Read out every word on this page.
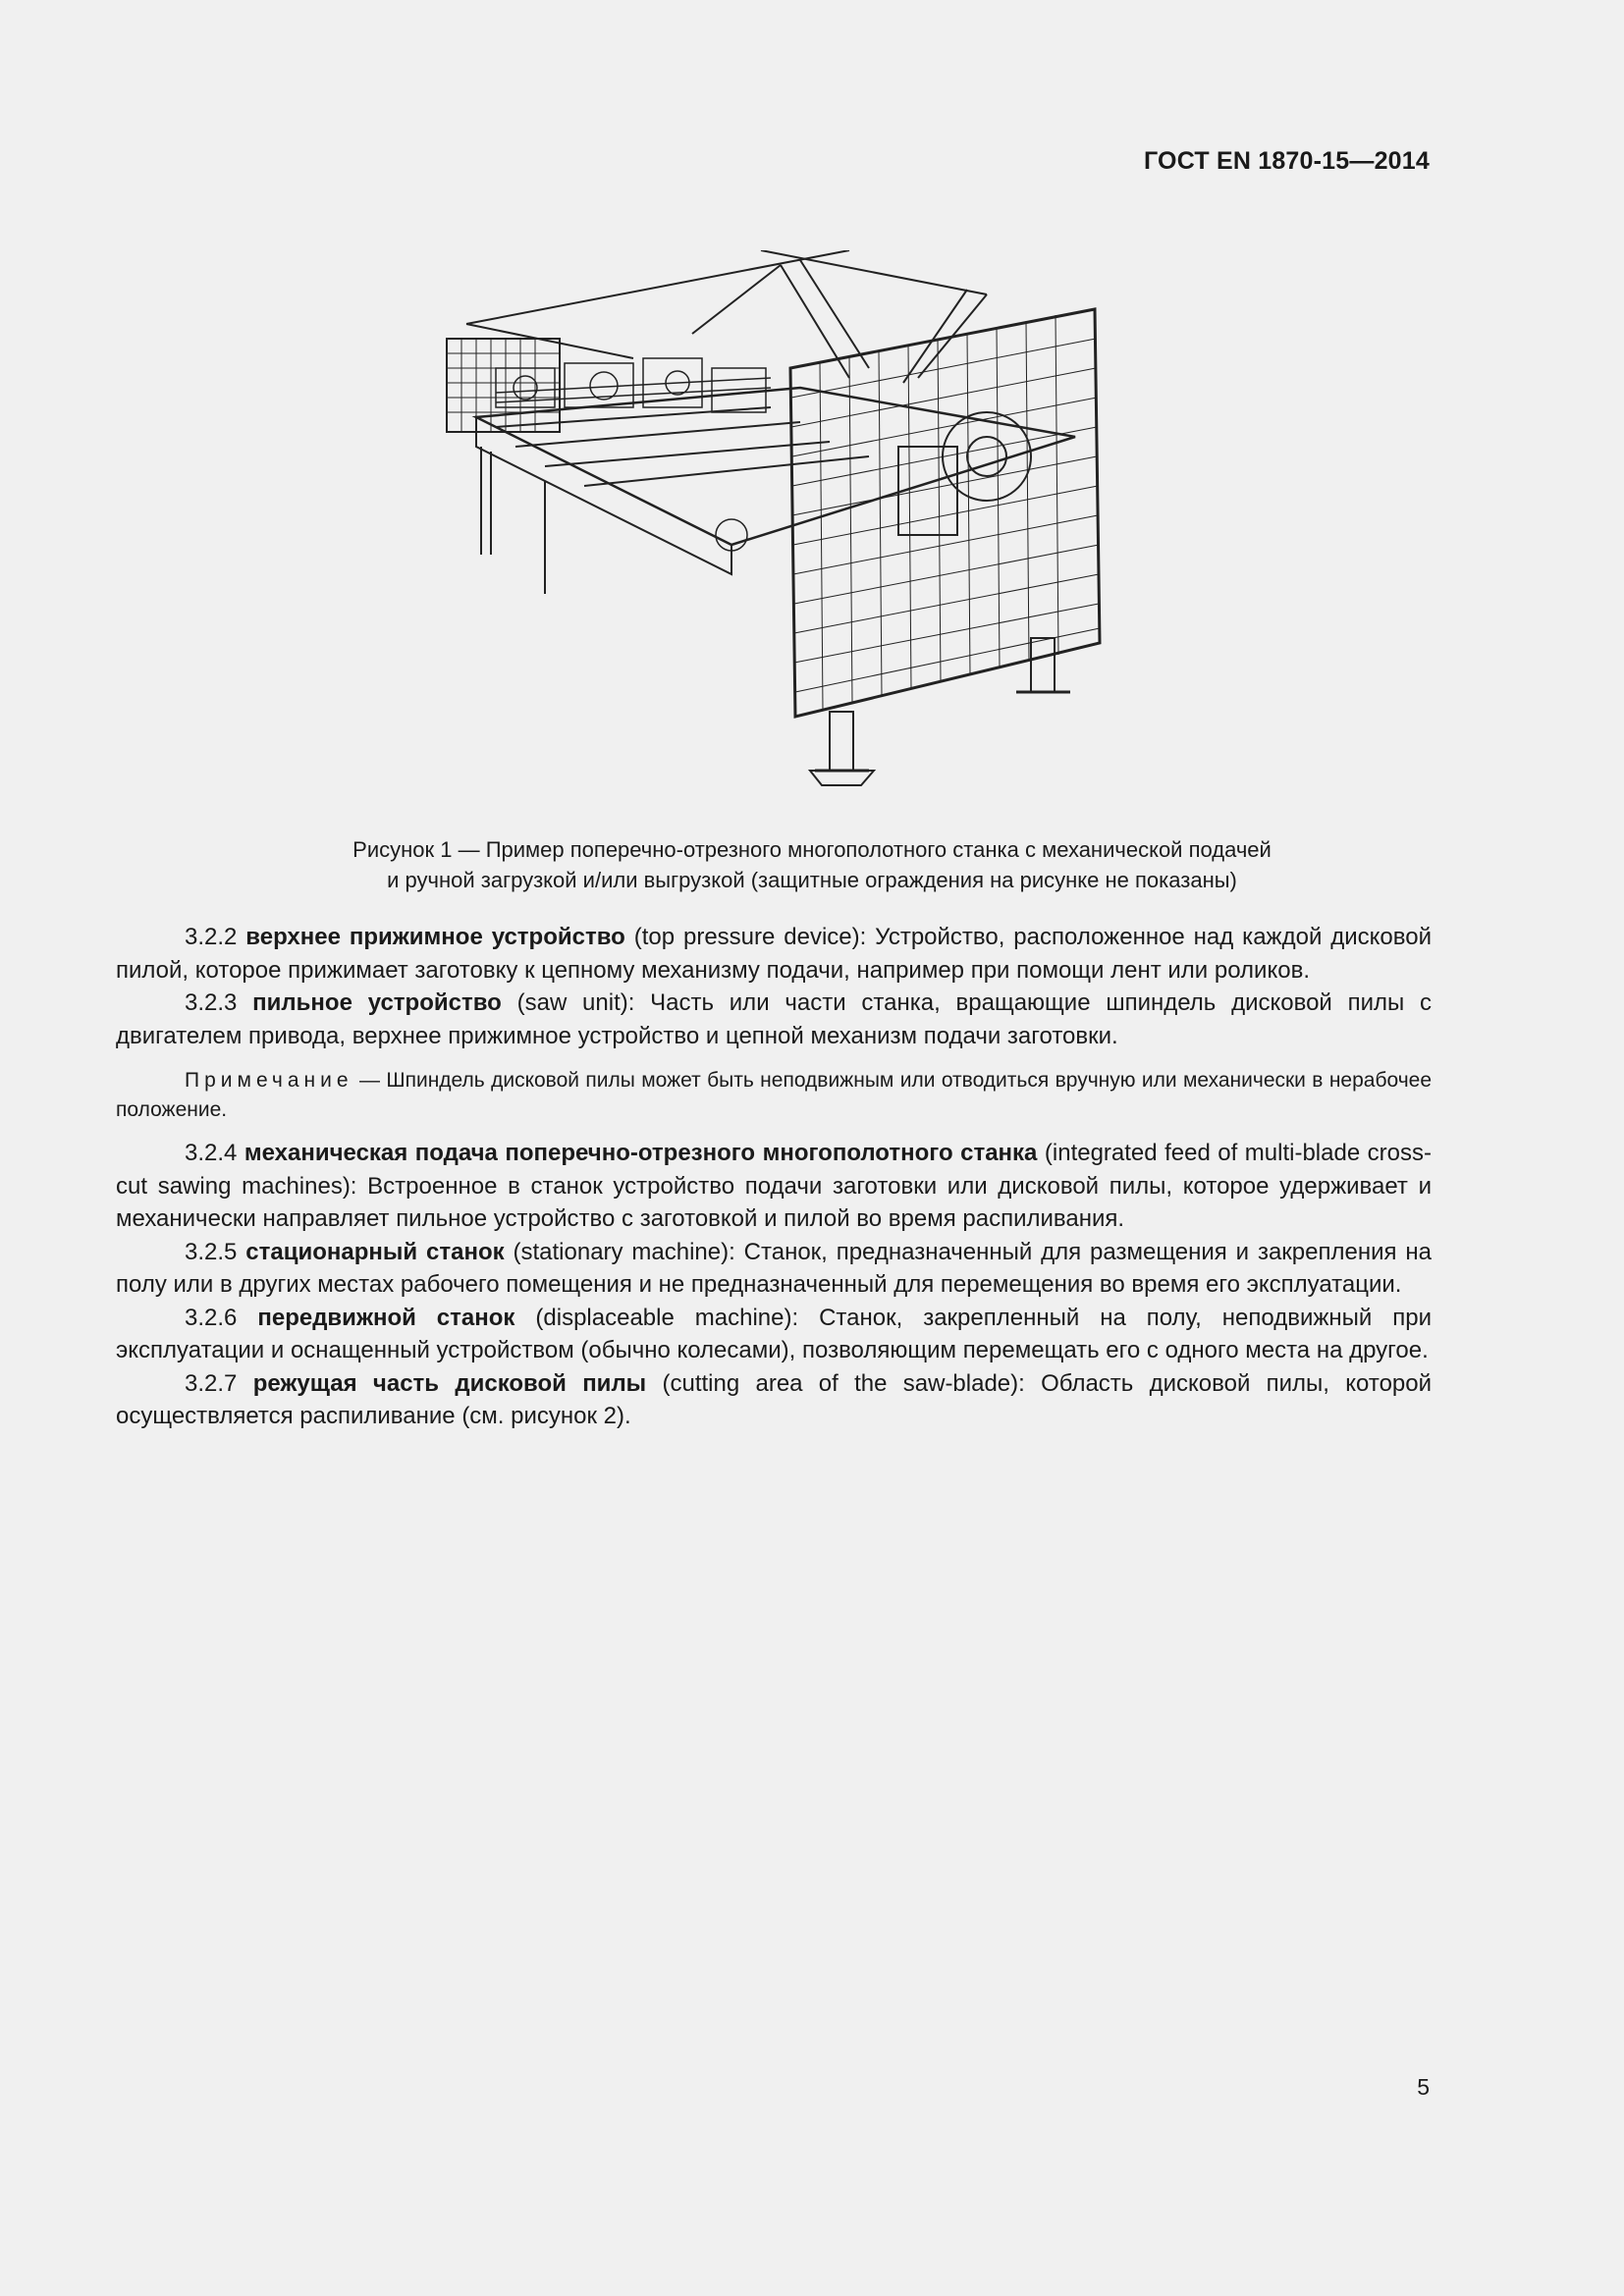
ГОСТ EN 1870-15—2014
Рисунок 1 — Пример поперечно-отрезного многополотного станка с механической подачей
и ручной загрузкой и/или выгрузкой (защитные ограждения на рисунке не показаны)

3.2.2 верхнее прижимное устройство (top pressure device): Устройство, расположенное над каждой дисковой пилой, которое прижимает заготовку к цепному механизму подачи, например при помощи лент или роликов.

3.2.3 пильное устройство (saw unit): Часть или части станка, вращающие шпиндель дисковой пилы с двигателем привода, верхнее прижимное устройство и цепной механизм подачи заготовки.

Примечание — Шпиндель дисковой пилы может быть неподвижным или отводиться вручную или механически в нерабочее положение.

3.2.4 механическая подача поперечно-отрезного многополотного станка (integrated feed of multi-blade cross-cut sawing machines): Встроенное в станок устройство подачи заготовки или дисковой пилы, которое удерживает и механически направляет пильное устройство с заготовкой и пилой во время распиливания.

3.2.5 стационарный станок (stationary machine): Станок, предназначенный для размещения и закрепления на полу или в других местах рабочего помещения и не предназначенный для перемещения во время его эксплуатации.

3.2.6 передвижной станок (displaceable machine): Станок, закрепленный на полу, неподвижный при эксплуатации и оснащенный устройством (обычно колесами), позволяющим перемещать его с одного места на другое.

3.2.7 режущая часть дисковой пилы (cutting area of the saw-blade): Область дисковой пилы, которой осуществляется распиливание (см. рисунок 2).

5
